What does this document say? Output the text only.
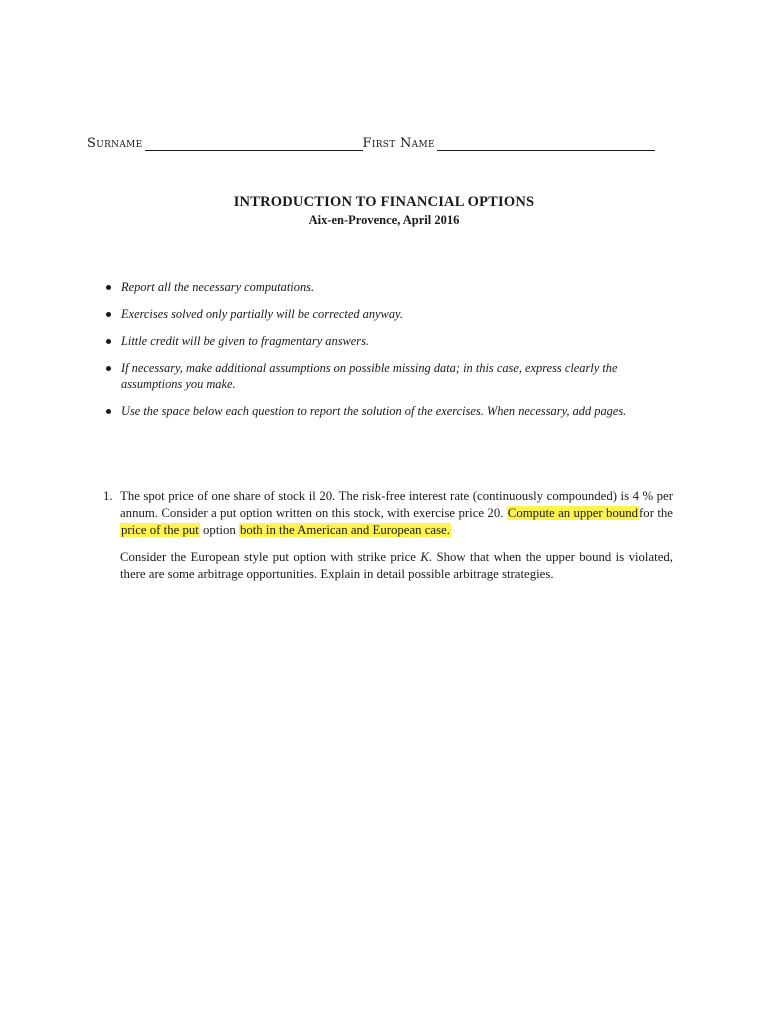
Surname	First Name
INTRODUCTION TO FINANCIAL OPTIONS
Aix-en-Provence, April 2016
Report all the necessary computations.
Exercises solved only partially will be corrected anyway.
Little credit will be given to fragmentary answers.
If necessary, make additional assumptions on possible missing data; in this case, express clearly the assumptions you make.
Use the space below each question to report the solution of the exercises. When necessary, add pages.
1. The spot price of one share of stock il 20. The risk-free interest rate (continuously compounded) is 4 % per annum. Consider a put option written on this stock, with exercise price 20. Compute an upper boundfor the price of the put option both in the American and European case.

Consider the European style put option with strike price K. Show that when the upper bound is violated, there are some arbitrage opportunities. Explain in detail possible arbitrage strategies.
